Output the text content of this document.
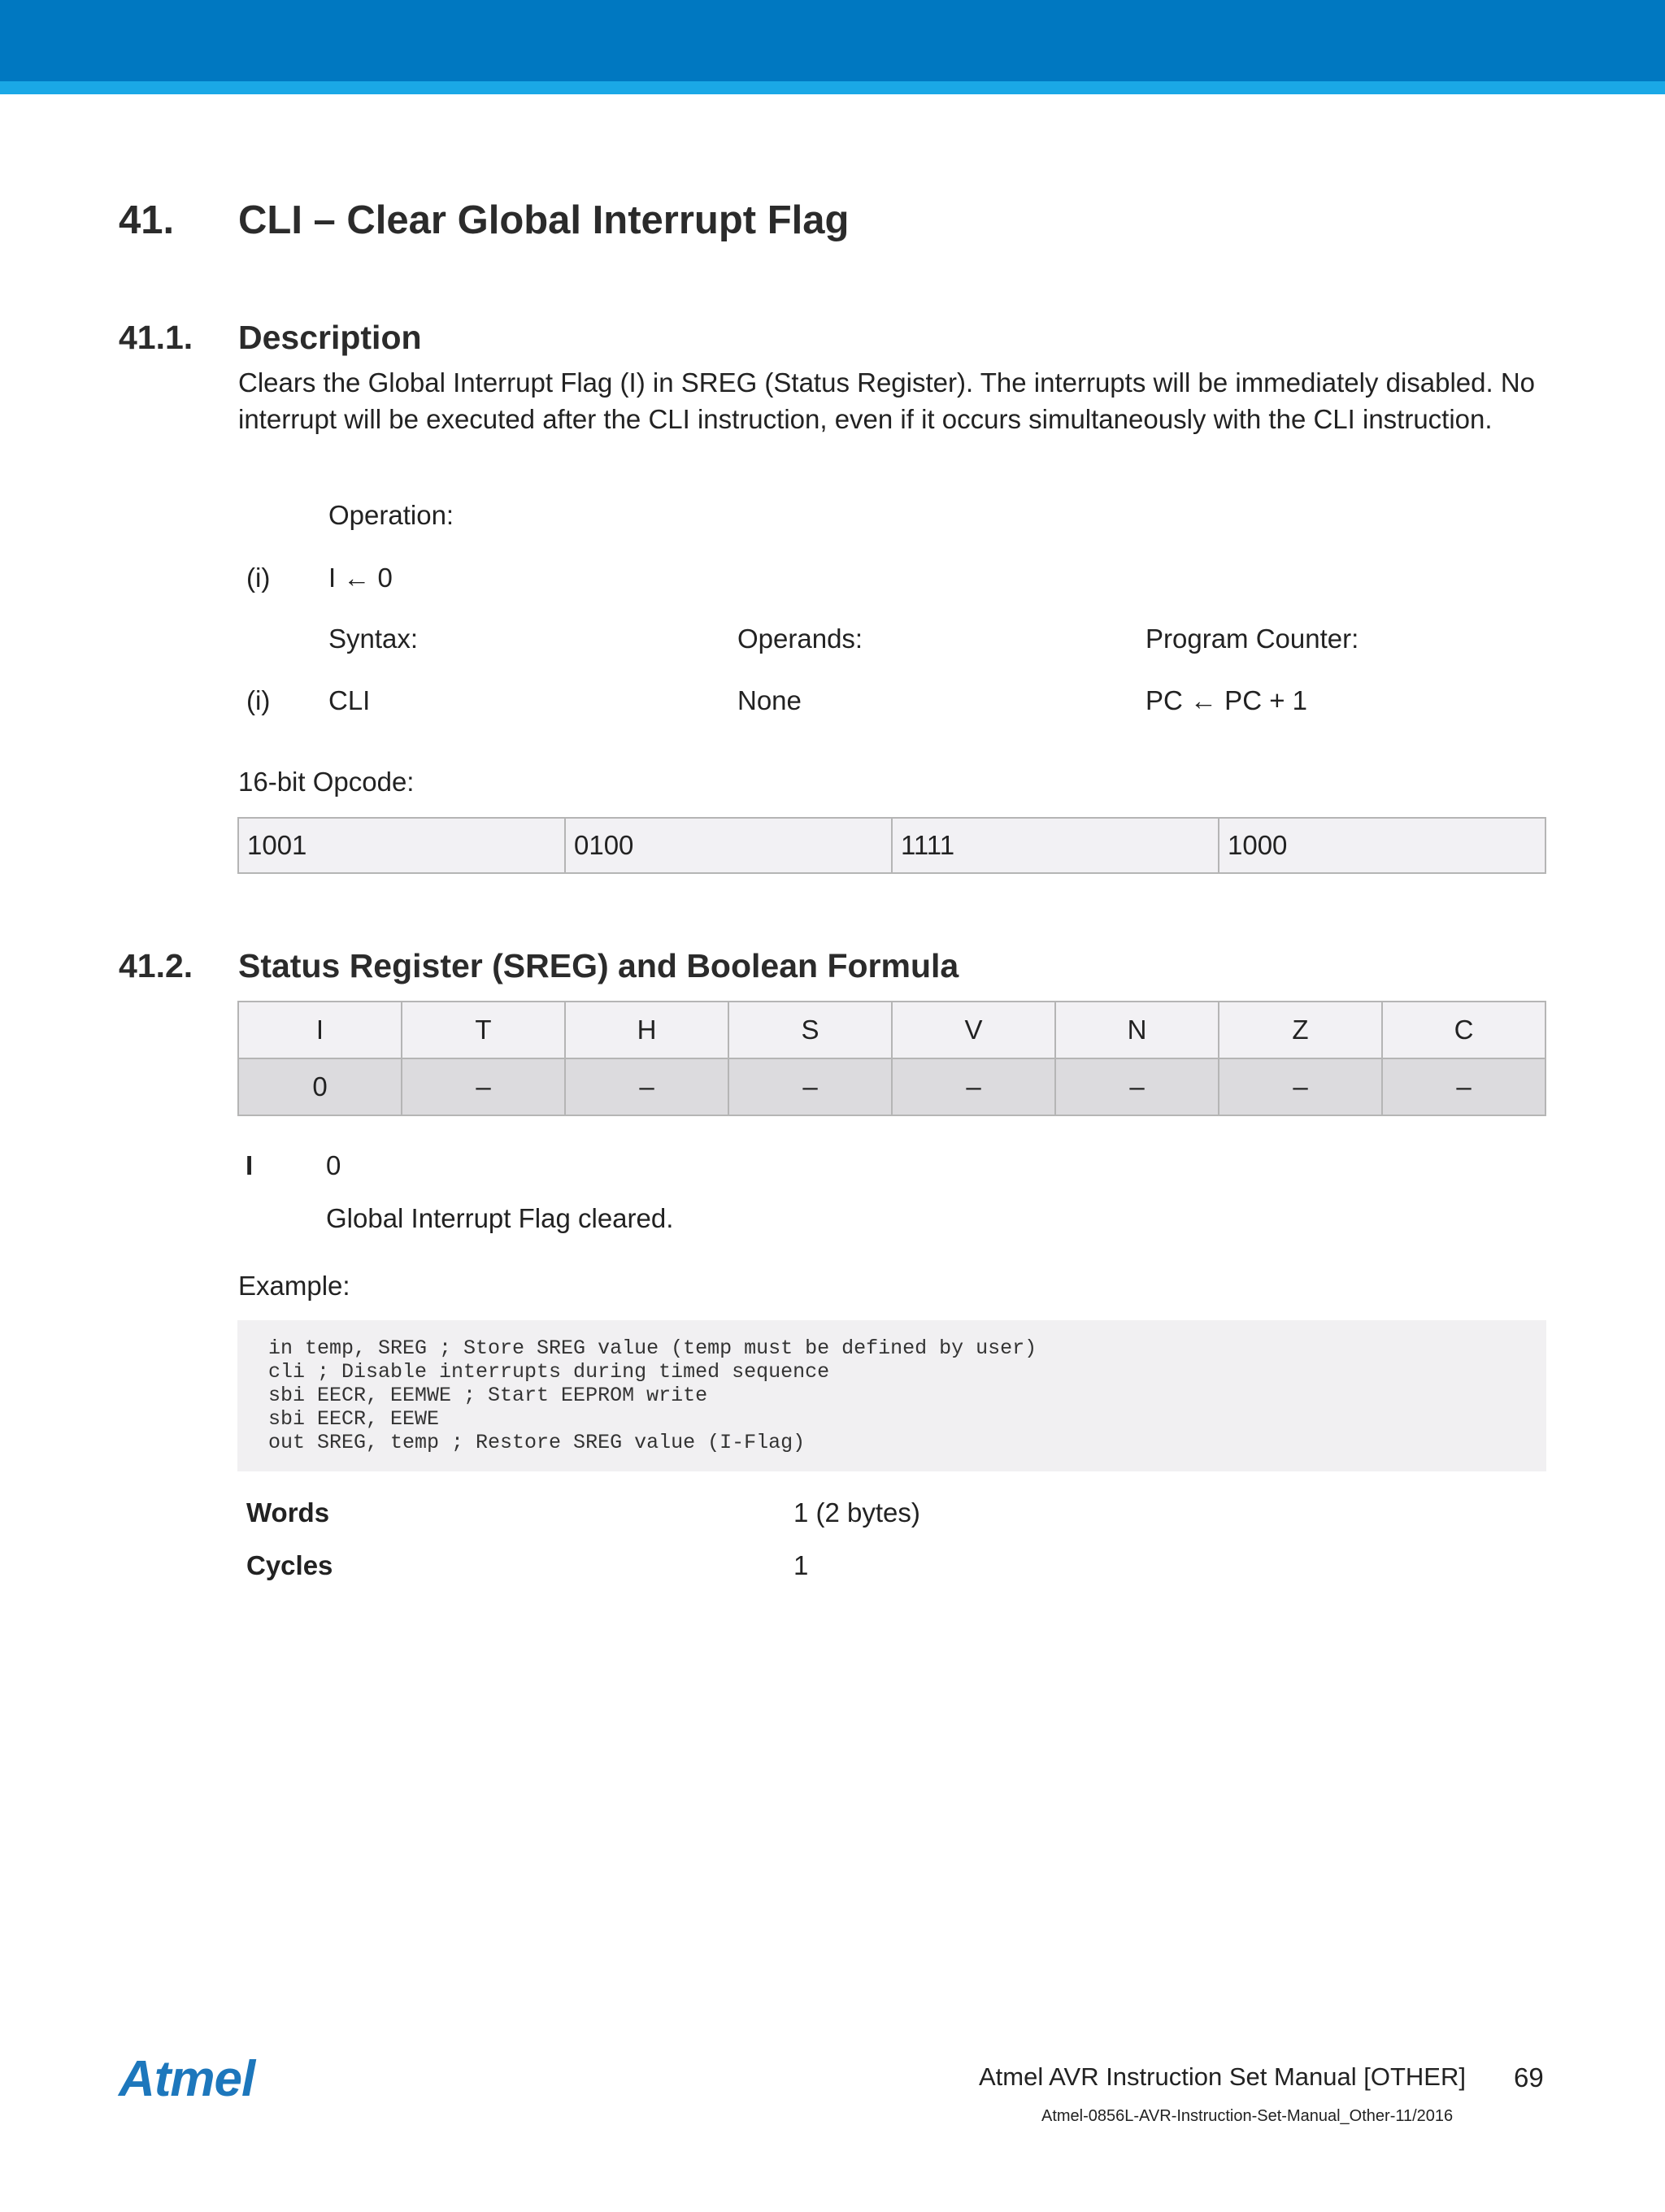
41. CLI – Clear Global Interrupt Flag
41.1. Description
Clears the Global Interrupt Flag (I) in SREG (Status Register). The interrupts will be immediately disabled. No interrupt will be executed after the CLI instruction, even if it occurs simultaneously with the CLI instruction.
Operation:
(i) I ← 0
Syntax:	Operands:	Program Counter:
(i) CLI	None	PC ← PC + 1
16-bit Opcode:
1001	0100	1111	1000
41.2. Status Register (SREG) and Boolean Formula
I	T	H	S	V	N	Z	C
0	–	–	–	–	–	–	–
I	0
Global Interrupt Flag cleared.
Example:
in temp, SREG ; Store SREG value (temp must be defined by user)
cli ; Disable interrupts during timed sequence
sbi EECR, EEMWE ; Start EEPROM write
sbi EECR, EEWE
out SREG, temp ; Restore SREG value (I-Flag)
Words	1 (2 bytes)
Cycles	1
Atmel	Atmel AVR Instruction Set Manual [OTHER] 69
Atmel-0856L-AVR-Instruction-Set-Manual_Other-11/2016
